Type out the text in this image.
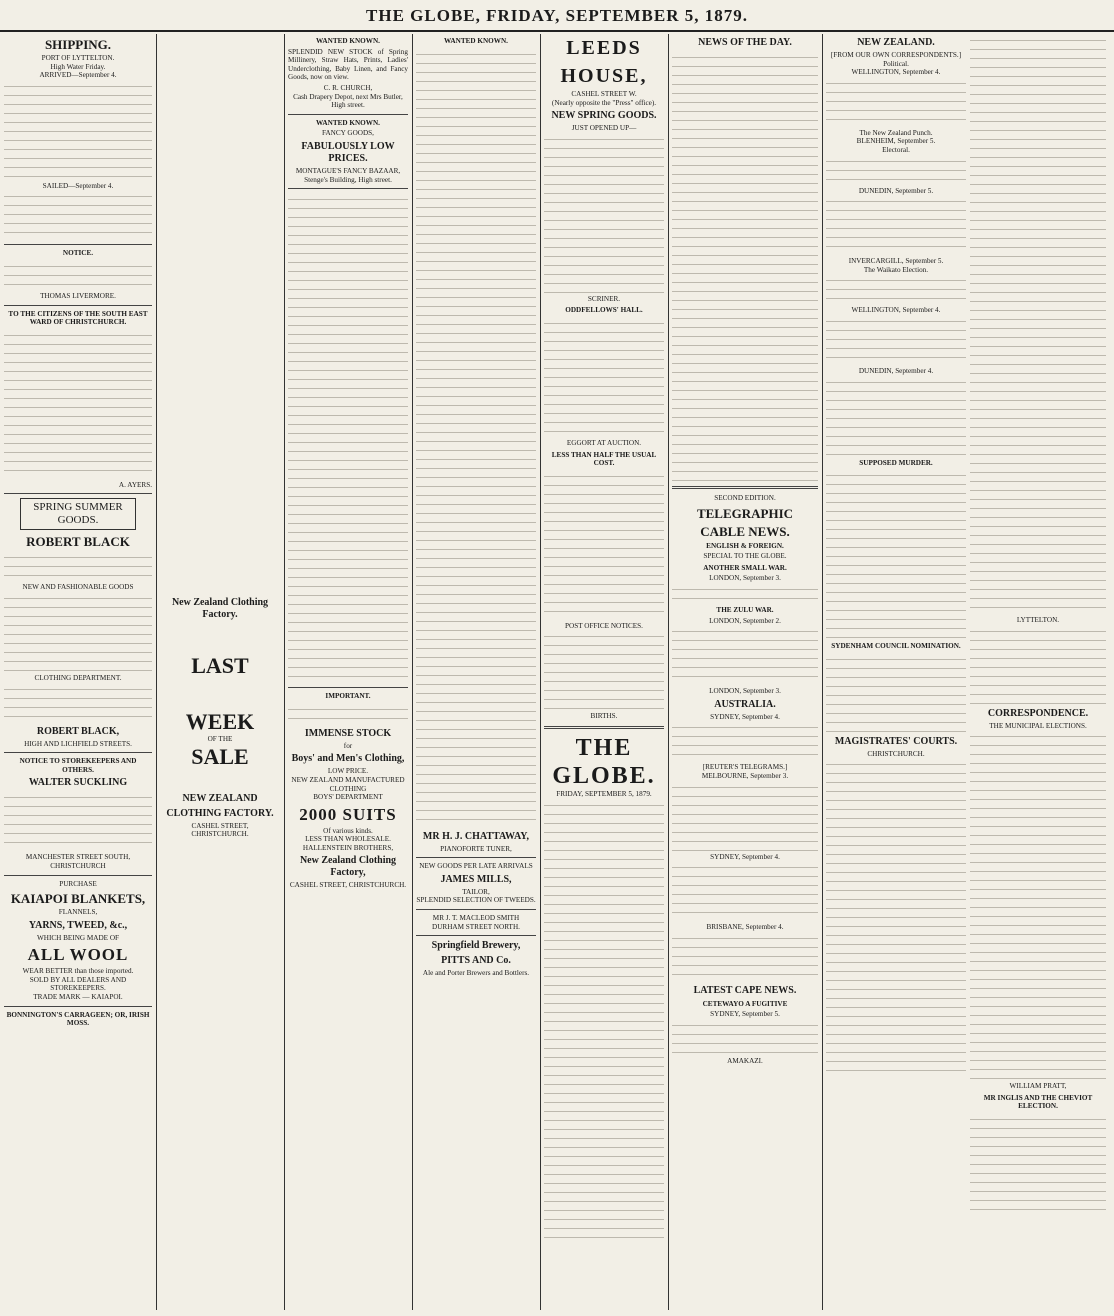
THE GLOBE, FRIDAY, SEPTEMBER 5, 1879.
SHIPPING.
PORT OF LYTTELTON.
High Water Friday.
ARRIVED—September 4.

SAILED—September 4.

NOTICE.

THOMAS LIVERMORE.
TO THE CITIZENS OF THE SOUTH EAST WARD OF CHRISTCHURCH.

A. AYERS.
SPRING SUMMER GOODS.
ROBERT BLACK

NEW AND FASHIONABLE GOODS

CLOTHING DEPARTMENT.

ROBERT BLACK,
HIGH AND LICHFIELD STREETS.
NOTICE TO STOREKEEPERS AND OTHERS.
WALTER SUCKLING

MANCHESTER STREET SOUTH, CHRISTCHURCH
PURCHASE
KAIAPOI BLANKETS,
FLANNELS,
YARNS, TWEED, &c.,
WHICH BEING MADE OF
ALL WOOL
WEAR BETTER than those imported.
SOLD BY ALL DEALERS AND STOREKEEPERS.
TRADE MARK — KAIAPOI.
BONNINGTON'S CARRAGEEN; OR, IRISH MOSS.
New Zealand Clothing Factory.
LAST
WEEK
OF THE
SALE
NEW ZEALAND
CLOTHING FACTORY.
CASHEL STREET,
CHRISTCHURCH.
WANTED KNOWN.

SPLENDID NEW STOCK of Spring Millinery, Straw Hats, Prints, Ladies' Underclothing, Baby Linen, and Fancy Goods, now on view.

C. R. CHURCH,
Cash Drapery Depot, next Mrs Butler, High street.
WANTED KNOWN.
FANCY GOODS,
FABULOUSLY LOW PRICES.
MONTAGUE'S FANCY BAZAAR,
Stenge's Building, High street.

IMPORTANT.

IMMENSE STOCK
for
Boys' and Men's Clothing,
LOW PRICE.
NEW ZEALAND MANUFACTURED CLOTHING
BOYS' DEPARTMENT
2000 SUITS
Of various kinds.
LESS THAN WHOLESALE.
HALLENSTEIN BROTHERS,
New Zealand Clothing Factory,
CASHEL STREET, CHRISTCHURCH.
WANTED KNOWN.

MR H. J. CHATTAWAY,
PIANOFORTE TUNER,
NEW GOODS PER LATE ARRIVALS
JAMES MILLS,
TAILOR,
SPLENDID SELECTION OF TWEEDS.
MR J. T. MACLEOD SMITH
DURHAM STREET NORTH.
Springfield Brewery,
PITTS AND Co.
Ale and Porter Brewers and Bottlers.
LEEDS HOUSE,
CASHEL STREET W.
(Nearly opposite the "Press" office).
NEW SPRING GOODS.
JUST OPENED UP—

SCRINER.
ODDFELLOWS' HALL.

EGGORT AT AUCTION.
LESS THAN HALF THE USUAL COST.

POST OFFICE NOTICES.

BIRTHS.
THE GLOBE.
FRIDAY, SEPTEMBER 5, 1879.

NEWS OF THE DAY.

SECOND EDITION.
TELEGRAPHIC
CABLE NEWS.
ENGLISH & FOREIGN.
SPECIAL TO THE GLOBE.
ANOTHER SMALL WAR.
LONDON, September 3.

THE ZULU WAR.
LONDON, September 2.

LONDON, September 3.
AUSTRALIA.
SYDNEY, September 4.

[REUTER'S TELEGRAMS.]
MELBOURNE, September 3.

SYDNEY, September 4.

BRISBANE, September 4.

LATEST CAPE NEWS.
CETEWAYO A FUGITIVE
SYDNEY, September 5.

AMAKAZI.
NEW ZEALAND.
[FROM OUR OWN CORRESPONDENTS.]
Political.
WELLINGTON, September 4.

The New Zealand Punch.
BLENHEIM, September 5.
Electoral.

DUNEDIN, September 5.

INVERCARGILL, September 5.
The Waikato Election.

WELLINGTON, September 4.

DUNEDIN, September 4.

SUPPOSED MURDER.

SYDENHAM COUNCIL NOMINATION.

MAGISTRATES' COURTS.
CHRISTCHURCH.

LYTTELTON.

CORRESPONDENCE.
THE MUNICIPAL ELECTIONS.

WILLIAM PRATT,
MR INGLIS AND THE CHEVIOT ELECTION.
